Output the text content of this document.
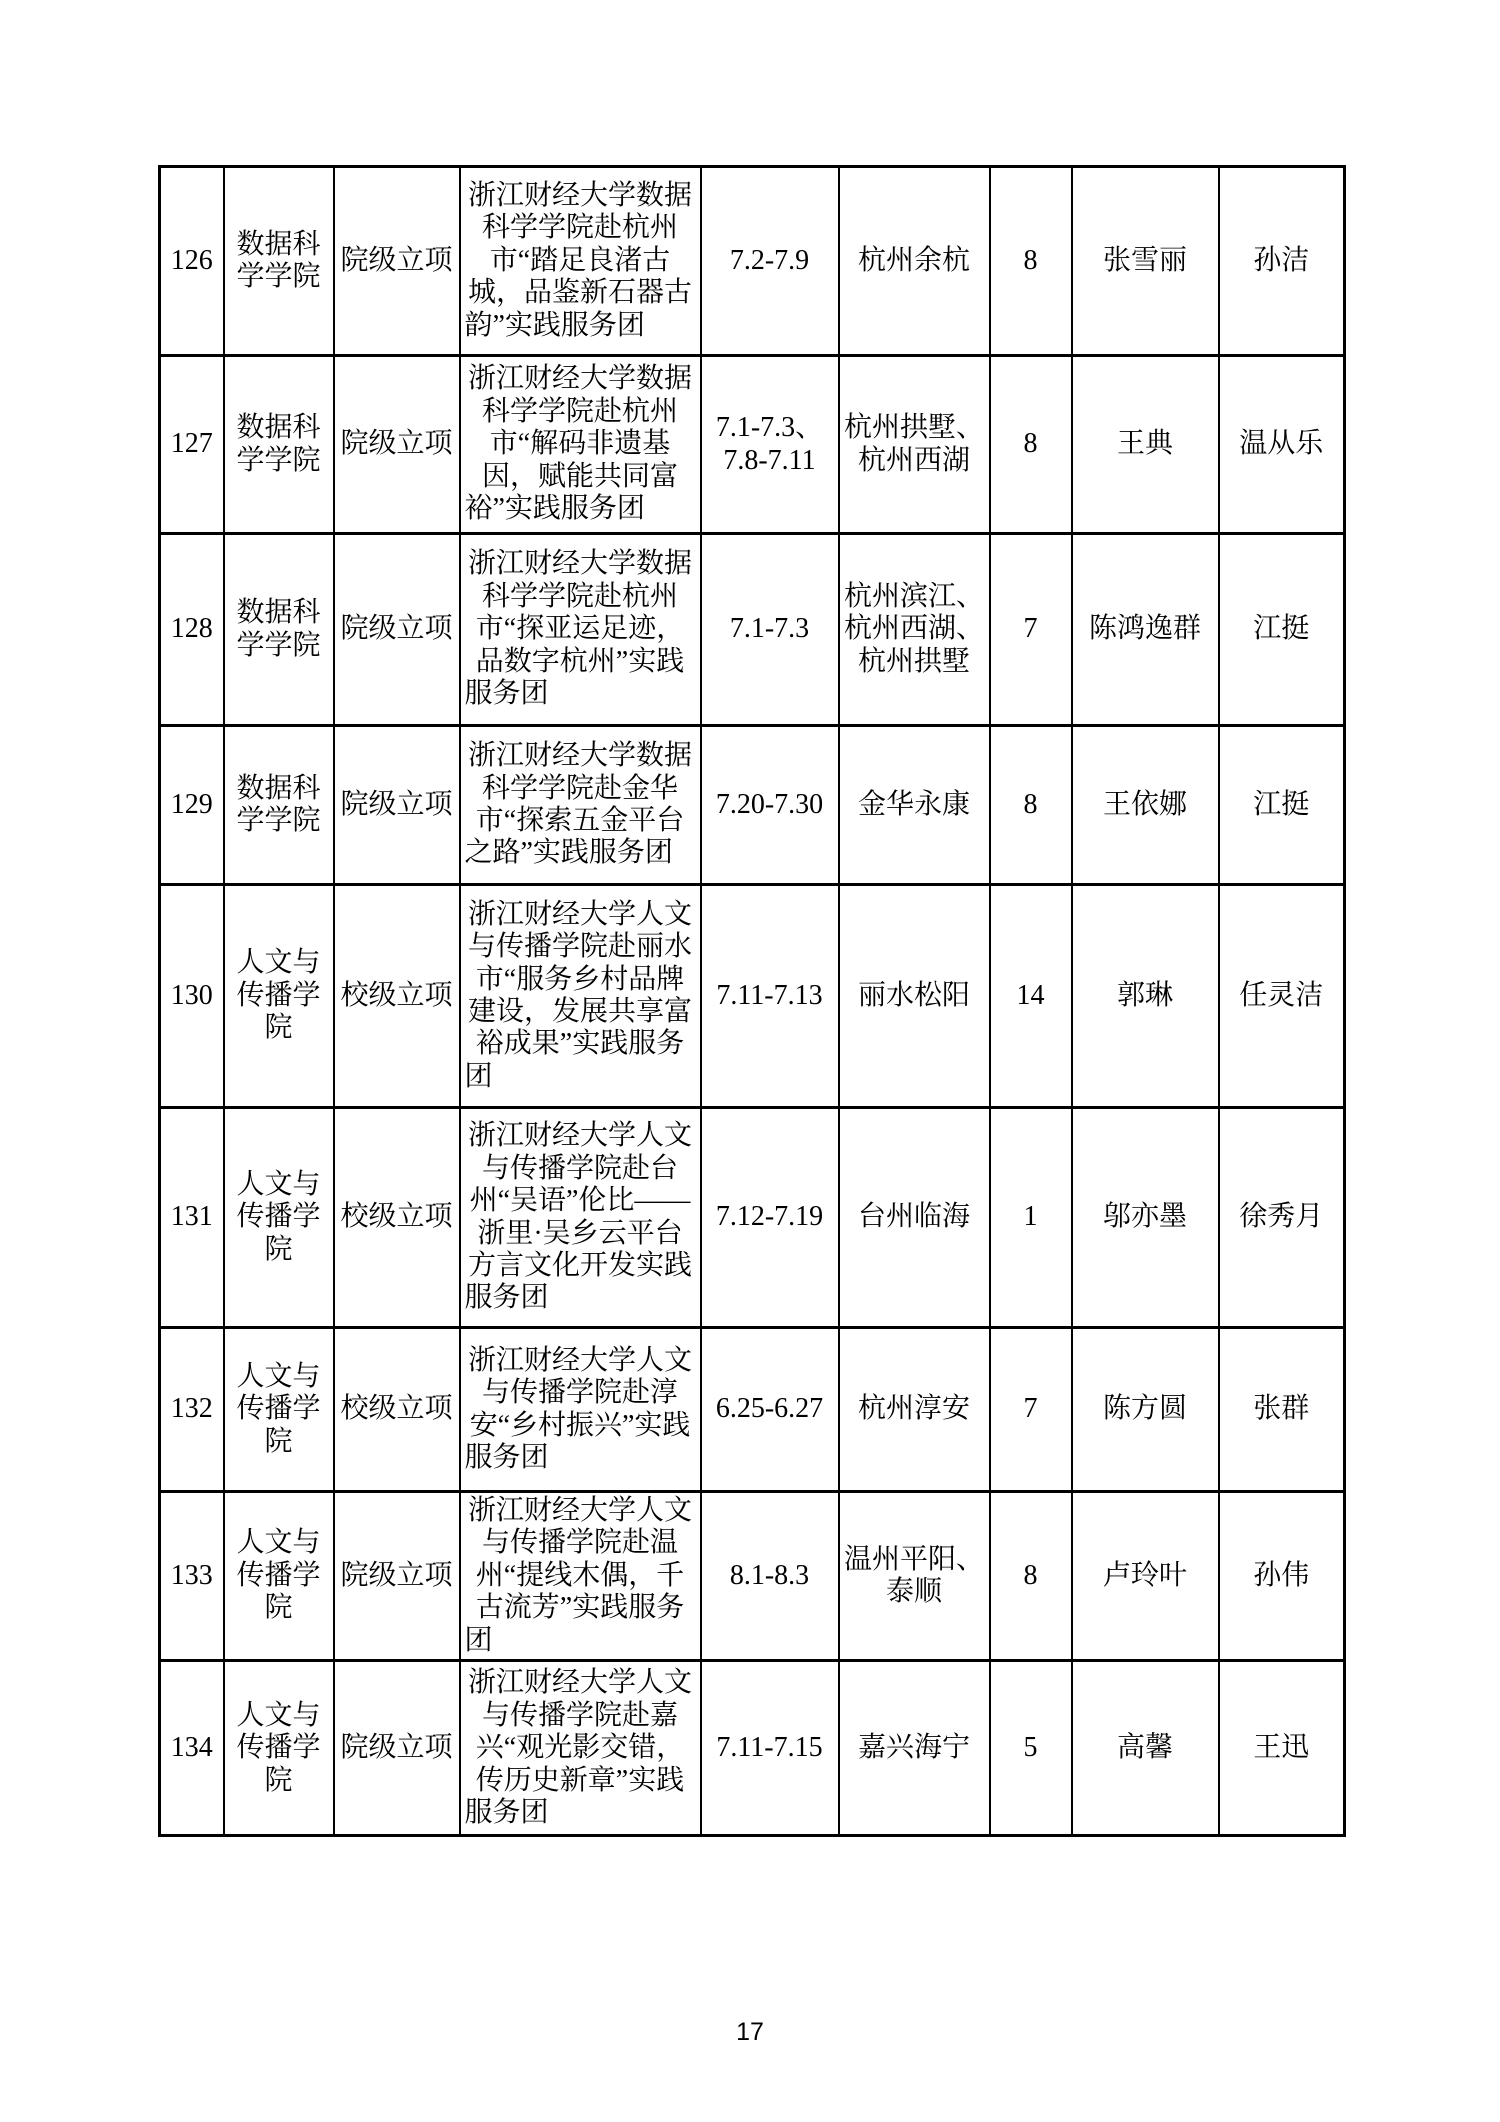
126	数据科学学院	院级立项	浙江财经大学数据科学学院赴杭州市“踏足良渚古城，品鉴新石器古韵”实践服务团	7.2-7.9	杭州余杭	8	张雪丽	孙洁
127	数据科学学院	院级立项	浙江财经大学数据科学学院赴杭州市“解码非遗基因，赋能共同富裕”实践服务团	7.1-7.3、7.8-7.11	杭州拱墅、杭州西湖	8	王典	温从乐
128	数据科学学院	院级立项	浙江财经大学数据科学学院赴杭州市“探亚运足迹，品数字杭州”实践服务团	7.1-7.3	杭州滨江、杭州西湖、杭州拱墅	7	陈鸿逸群	江挺
129	数据科学学院	院级立项	浙江财经大学数据科学学院赴金华市“探索五金平台之路”实践服务团	7.20-7.30	金华永康	8	王依娜	江挺
130	人文与传播学院	校级立项	浙江财经大学人文与传播学院赴丽水市“服务乡村品牌建设，发展共享富裕成果”实践服务团	7.11-7.13	丽水松阳	14	郭琳	任灵洁
131	人文与传播学院	校级立项	浙江财经大学人文与传播学院赴台州“吴语”伦比——浙里·吴乡云平台方言文化开发实践服务团	7.12-7.19	台州临海	1	邬亦墨	徐秀月
132	人文与传播学院	校级立项	浙江财经大学人文与传播学院赴淳安“乡村振兴”实践服务团	6.25-6.27	杭州淳安	7	陈方圆	张群
133	人文与传播学院	院级立项	浙江财经大学人文与传播学院赴温州“提线木偶，千古流芳”实践服务团	8.1-8.3	温州平阳、泰顺	8	卢玲叶	孙伟
134	人文与传播学院	院级立项	浙江财经大学人文与传播学院赴嘉兴“观光影交错，传历史新章”实践服务团	7.11-7.15	嘉兴海宁	5	高馨	王迅
17
